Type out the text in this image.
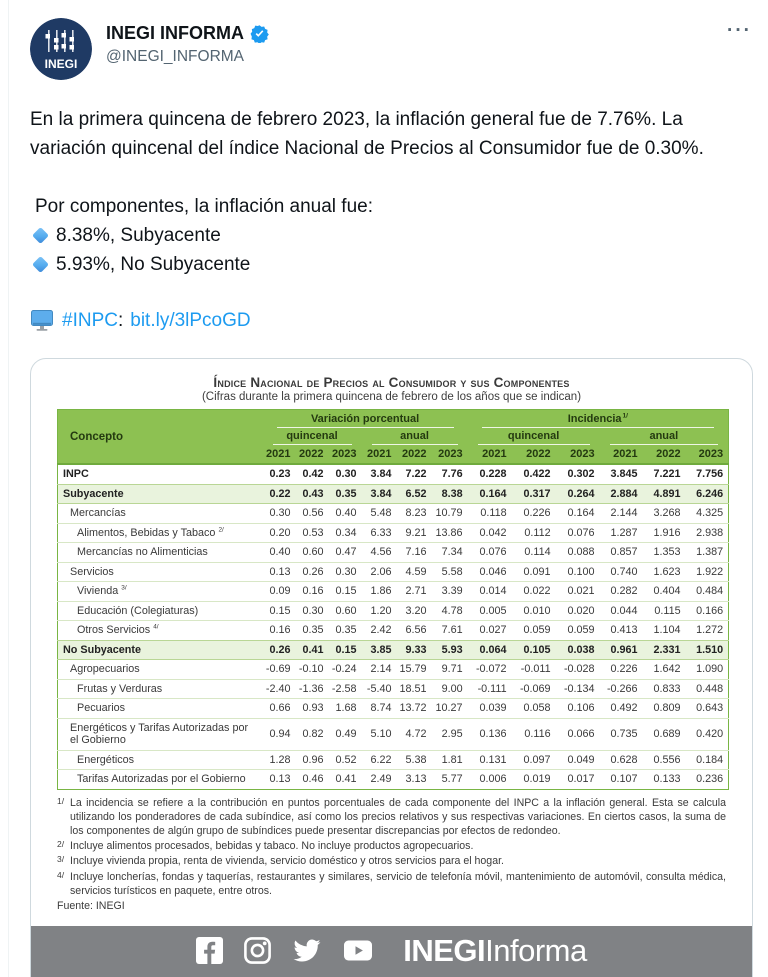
INEGI
INEGI INFORMA
@INEGI_INFORMA
···
En la primera quincena de febrero 2023, la inflación general fue de 7.76%. La variación quincenal del índice Nacional de Precios al Consumidor fue de 0.30%.
Por componentes, la inflación anual fue:
8.38%, Subyacente
5.93%, No Subyacente
#INPC : bit.ly/3lPcoGD
Índice Nacional de Precios al Consumidor y sus Componentes
(Cifras durante la primera quincena de febrero de los años que se indican)
Concepto	Variación porcentual						Incidencia $^{1/}$

	quincenal			anual			quincenal			anual		

	2021	2022	2023	2021	2022	2023	2021	2022	2023	2021	2022	2023
INPC	0.23	0.42	0.30	3.84	7.22	7.76	0.228	0.422	0.302	3.845	7.221	7.756
Subyacente	0.22	0.43	0.35	3.84	6.52	8.38	0.164	0.317	0.264	2.884	4.891	6.246
Mercancías	0.30	0.56	0.40	5.48	8.23	10.79	0.118	0.226	0.164	2.144	3.268	4.325
Alimentos, Bebidas y Tabaco $^{2/}$	0.20	0.53	0.34	6.33	9.21	13.86	0.042	0.112	0.076	1.287	1.916	2.938
Mercancías no Alimenticias	0.40	0.60	0.47	4.56	7.16	7.34	0.076	0.114	0.088	0.857	1.353	1.387
Servicios	0.13	0.26	0.30	2.06	4.59	5.58	0.046	0.091	0.100	0.740	1.623	1.922
Vivienda $^{3/}$	0.09	0.16	0.15	1.86	2.71	3.39	0.014	0.022	0.021	0.282	0.404	0.484
Educación (Colegiaturas)	0.15	0.30	0.60	1.20	3.20	4.78	0.005	0.010	0.020	0.044	0.115	0.166
Otros Servicios $^{4/}$	0.16	0.35	0.35	2.42	6.56	7.61	0.027	0.059	0.059	0.413	1.104	1.272
No Subyacente	0.26	0.41	0.15	3.85	9.33	5.93	0.064	0.105	0.038	0.961	2.331	1.510
Agropecuarios	-0.69	-0.10	-0.24	2.14	15.79	9.71	-0.072	-0.011	-0.028	0.226	1.642	1.090
Frutas y Verduras	-2.40	-1.36	-2.58	-5.40	18.51	9.00	-0.111	-0.069	-0.134	-0.266	0.833	0.448
Pecuarios	0.66	0.93	1.68	8.74	13.72	10.27	0.039	0.058	0.106	0.492	0.809	0.643
Energéticos y Tarifas Autorizadas por el Gobierno	0.94	0.82	0.49	5.10	4.72	2.95	0.136	0.116	0.066	0.735	0.689	0.420
Energéticos	1.28	0.96	0.52	6.22	5.38	1.81	0.131	0.097	0.049	0.628	0.556	0.184
Tarifas Autorizadas por el Gobierno	0.13	0.46	0.41	2.49	3.13	5.77	0.006	0.019	0.017	0.107	0.133	0.236
1/ La incidencia se refiere a la contribución en puntos porcentuales de cada componente del INPC a la inflación general. Esta se calcula utilizando los ponderadores de cada subíndice, así como los precios relativos y sus respectivas variaciones. En ciertos casos, la suma de los componentes de algún grupo de subíndices puede presentar discrepancias por efectos de redondeo.
2/ Incluye alimentos procesados, bebidas y tabaco. No incluye productos agropecuarios.
3/ Incluye vivienda propia, renta de vivienda, servicio doméstico y otros servicios para el hogar.
4/ Incluye loncherías, fondas y taquerías, restaurantes y similares, servicio de telefonía móvil, mantenimiento de automóvil, consulta médica, servicios turísticos en paquete, entre otros.
Fuente: INEGI
INEGIInforma
